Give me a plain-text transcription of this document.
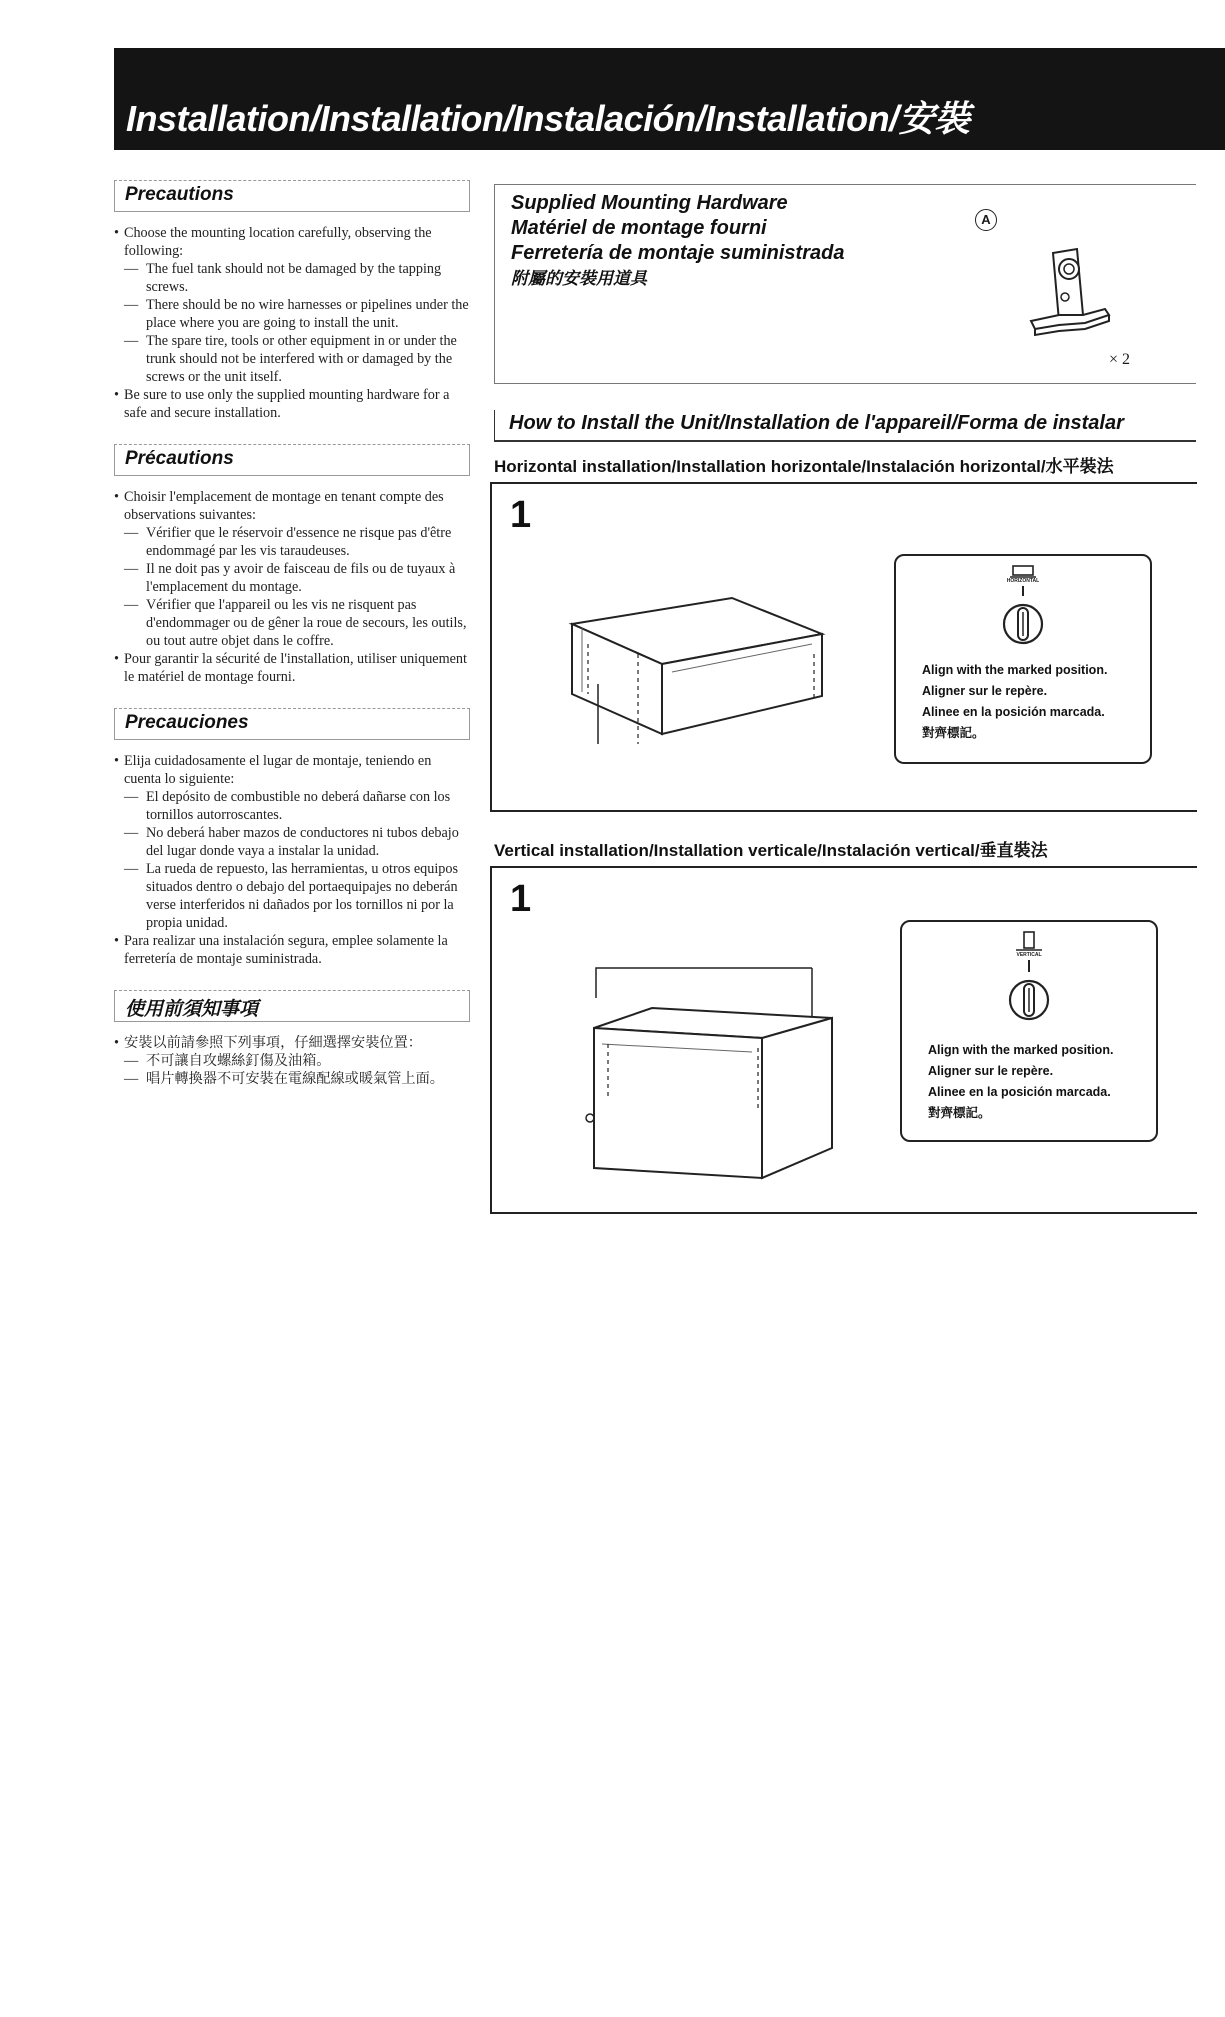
Installation/Installation/Instalación/Installation/安裝
Precautions
• Choose the mounting location carefully, observing the following:
— The fuel tank should not be damaged by the tapping screws.
— There should be no wire harnesses or pipelines under the place where you are going to install the unit.
— The spare tire, tools or other equipment in or under the trunk should not be interfered with or damaged by the screws or the unit itself.
• Be sure to use only the supplied mounting hardware for a safe and secure installation.
Précautions
• Choisir l'emplacement de montage en tenant compte des observations suivantes:
— Vérifier que le réservoir d'essence ne risque pas d'être endommagé par les vis taraudeuses.
— Il ne doit pas y avoir de faisceau de fils ou de tuyaux à l'emplacement du montage.
— Vérifier que l'appareil ou les vis ne risquent pas d'endommager ou de gêner la roue de secours, les outils, ou tout autre objet dans le coffre.
• Pour garantir la sécurité de l'installation, utiliser uniquement le matériel de montage fourni.
Precauciones
• Elija cuidadosamente el lugar de montaje, teniendo en cuenta lo siguiente:
— El depósito de combustible no deberá dañarse con los tornillos autorroscantes.
— No deberá haber mazos de conductores ni tubos debajo del lugar donde vaya a instalar la unidad.
— La rueda de repuesto, las herramientas, u otros equipos situados dentro o debajo del portaequipajes no deberán verse interferidos ni dañados por los tornillos ni por la propia unidad.
• Para realizar una instalación segura, emplee solamente la ferretería de montaje suministrada.
使用前須知事項
• 安裝以前請參照下列事項，仔細選擇安裝位置：
— 不可讓自攻螺絲釘傷及油箱。
— 唱片轉換器不可安裝在電線配線或暖氣管上面。
Supplied Mounting Hardware
Matériel de montage fourni
Ferretería de montaje suministrada
附屬的安裝用道具
A
× 2
How to Install the Unit/Installation de l'appareil/Forma de instalar
Horizontal installation/Installation horizontale/Instalación horizontal/水平裝法
1
HORIZONTAL
Align with the marked position.
Aligner sur le repère.
Alinee en la posición marcada.
對齊標記。
Vertical installation/Installation verticale/Instalación vertical/垂直裝法
1
VERTICAL
Align with the marked position.
Aligner sur le repère.
Alinee en la posición marcada.
對齊標記。
